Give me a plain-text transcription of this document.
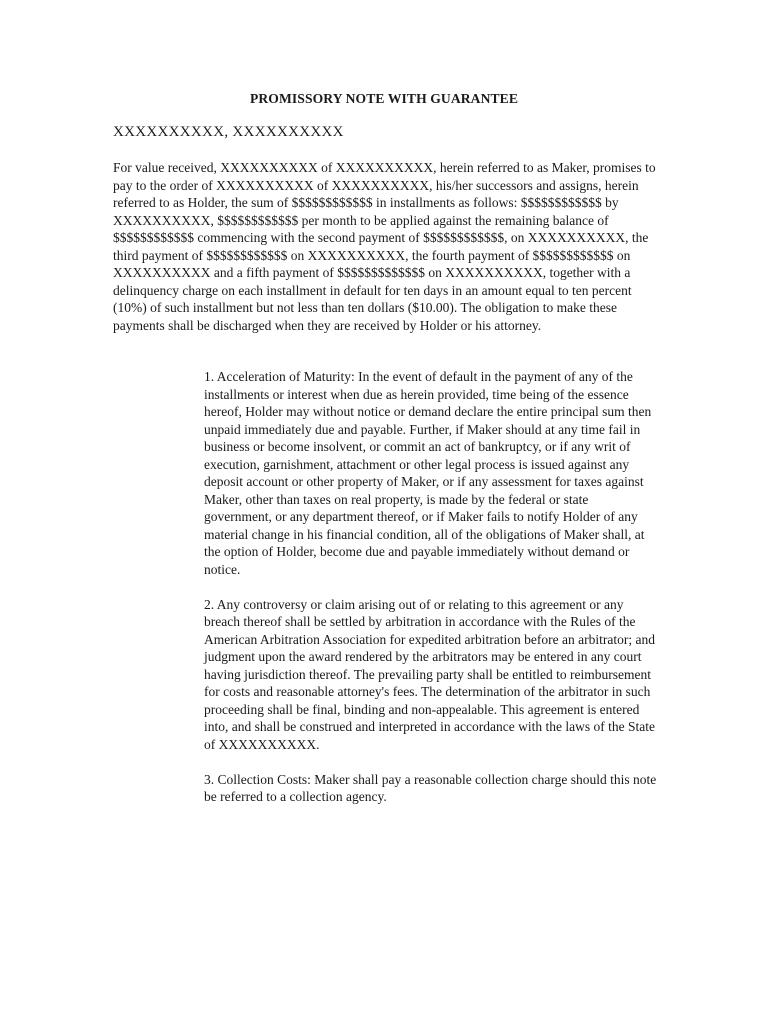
PROMISSORY NOTE WITH GUARANTEE

XXXXXXXXXX, XXXXXXXXXX

For value received, XXXXXXXXXX of XXXXXXXXXX, herein referred to as Maker, promises to pay to the order of XXXXXXXXXX of XXXXXXXXXX, his/her successors and assigns, herein referred to as Holder, the sum of $$$$$$$$$$$$ in installments as follows: $$$$$$$$$$$$ by XXXXXXXXXX, $$$$$$$$$$$$ per month to be applied against the remaining balance of $$$$$$$$$$$$ commencing with the second payment of $$$$$$$$$$$$, on XXXXXXXXXX, the third payment of $$$$$$$$$$$$ on XXXXXXXXXX, the fourth payment of $$$$$$$$$$$$ on XXXXXXXXXX and a fifth payment of $$$$$$$$$$$$$ on XXXXXXXXXX, together with a delinquency charge on each installment in default for ten days in an amount equal to ten percent (10%) of such installment but not less than ten dollars ($10.00). The obligation to make these payments shall be discharged when they are received by Holder or his attorney.

1. Acceleration of Maturity: In the event of default in the payment of any of the installments or interest when due as herein provided, time being of the essence hereof, Holder may without notice or demand declare the entire principal sum then unpaid immediately due and payable. Further, if Maker should at any time fail in business or become insolvent, or commit an act of bankruptcy, or if any writ of execution, garnishment, attachment or other legal process is issued against any deposit account or other property of Maker, or if any assessment for taxes against Maker, other than taxes on real property, is made by the federal or state government, or any department thereof, or if Maker fails to notify Holder of any material change in his financial condition, all of the obligations of Maker shall, at the option of Holder, become due and payable immediately without demand or notice.

2. Any controversy or claim arising out of or relating to this agreement or any breach thereof shall be settled by arbitration in accordance with the Rules of the American Arbitration Association for expedited arbitration before an arbitrator; and judgment upon the award rendered by the arbitrators may be entered in any court having jurisdiction thereof. The prevailing party shall be entitled to reimbursement for costs and reasonable attorney's fees. The determination of the arbitrator in such proceeding shall be final, binding and non-appealable. This agreement is entered into, and shall be construed and interpreted in accordance with the laws of the State of XXXXXXXXXX.

3. Collection Costs: Maker shall pay a reasonable collection charge should this note be referred to a collection agency.
